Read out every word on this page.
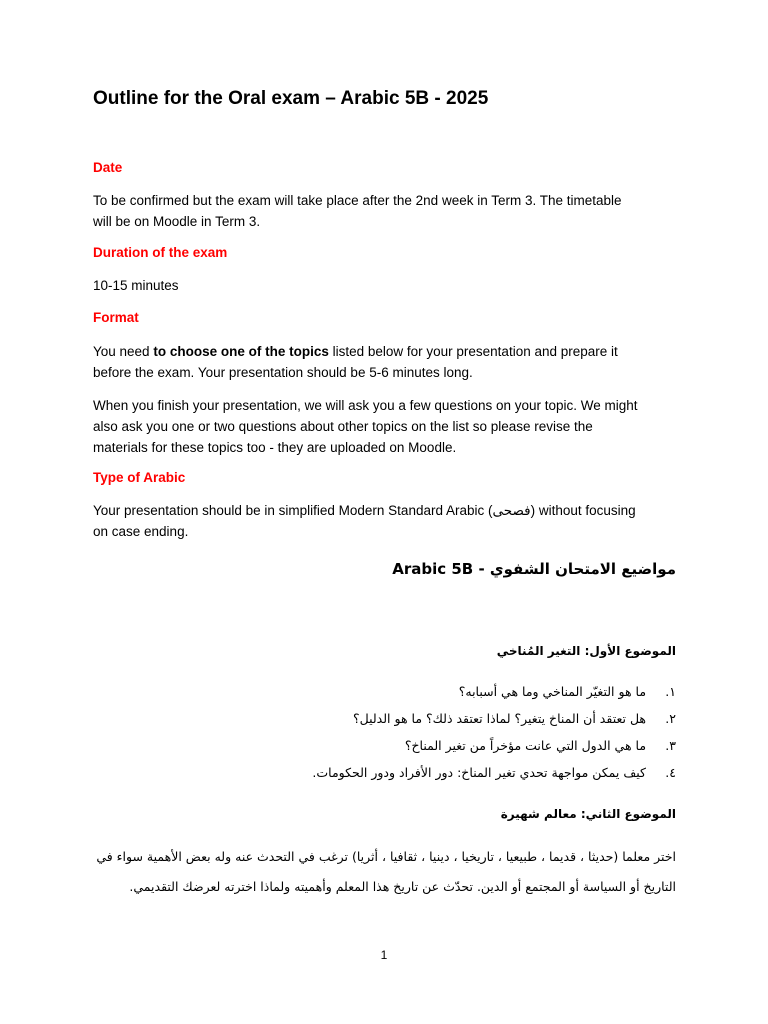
Outline for the Oral exam – Arabic 5B - 2025
Date
To be confirmed but the exam will take place after the 2nd week in Term 3. The timetable
will be on Moodle in Term 3.
Duration of the exam
10-15 minutes
Format
You need to choose one of the topics listed below for your presentation and prepare it
before the exam. Your presentation should be 5-6 minutes long.
When you finish your presentation, we will ask you a few questions on your topic. We might
also ask you one or two questions about other topics on the list so please revise the
materials for these topics too - they are uploaded on Moodle.
Type of Arabic
Your presentation should be in simplified Modern Standard Arabic (فصحى) without focusing
on case ending.
مواضيع الامتحان الشفوي - Arabic 5B
الموضوع الأول: التغير المُناخي
١. ما هو التغيّر المناخي وما هي أسبابه؟
٢. هل تعتقد أن المناخ يتغير؟ لماذا تعتقد ذلك؟ ما هو الدليل؟
٣. ما هي الدول التي عانت مؤخراً من تغير المناخ؟
٤. كيف يمكن مواجهة تحدي تغير المناخ: دور الأفراد ودور الحكومات.
الموضوع الثاني: معالم شهيرة
اختر معلما (حديثا ، قديما ، طبيعيا ، تاريخيا ، دينيا ، ثقافيا ، أثريا) ترغب في التحدث عنه وله بعض الأهمية سواء في التاريخ أو السياسة أو المجتمع أو الدين. تحدّث عن تاريخ هذا المعلم وأهميته ولماذا اخترته لعرضك التقديمي.
1
